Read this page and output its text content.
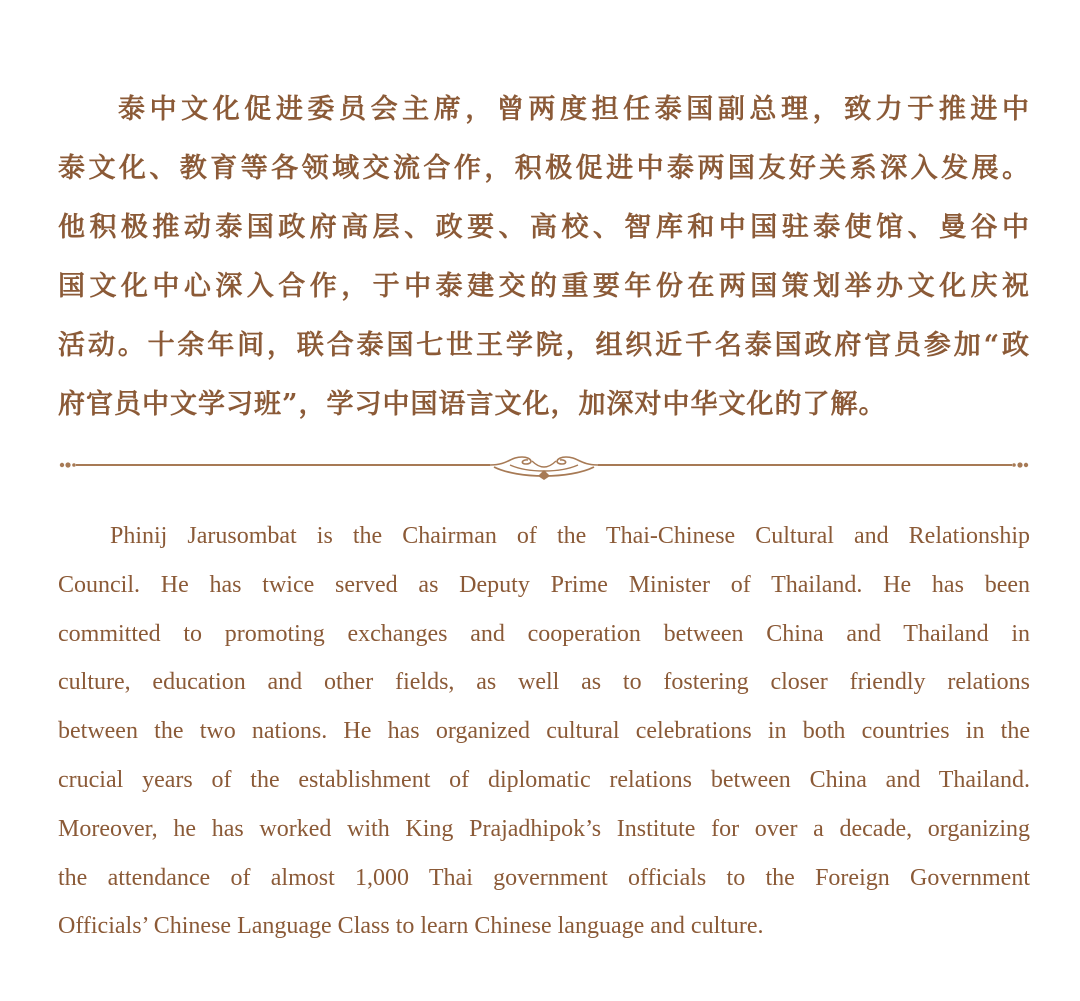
泰中文化促进委员会主席，曾两度担任泰国副总理，致力于推进中
泰文化、教育等各领域交流合作，积极促进中泰两国友好关系深入发展。
他积极推动泰国政府高层、政要、高校、智库和中国驻泰使馆、曼谷中
国文化中心深入合作，于中泰建交的重要年份在两国策划举办文化庆祝
活动。十余年间，联合泰国七世王学院，组织近千名泰国政府官员参加“政
府官员中文学习班”，学习中国语言文化，加深对中华文化的了解。
Phinij Jarusombat is the Chairman of the Thai-Chinese Cultural and Relationship
Council. He has twice served as Deputy Prime Minister of Thailand. He has been
committed to promoting exchanges and cooperation between China and Thailand in
culture, education and other fields, as well as to fostering closer friendly relations
between the two nations. He has organized cultural celebrations in both countries in the
crucial years of the establishment of diplomatic relations between China and Thailand.
Moreover, he has worked with King Prajadhipok’s Institute for over a decade, organizing
the attendance of almost 1,000 Thai government officials to the Foreign Government
Officials’ Chinese Language Class to learn Chinese language and culture.
